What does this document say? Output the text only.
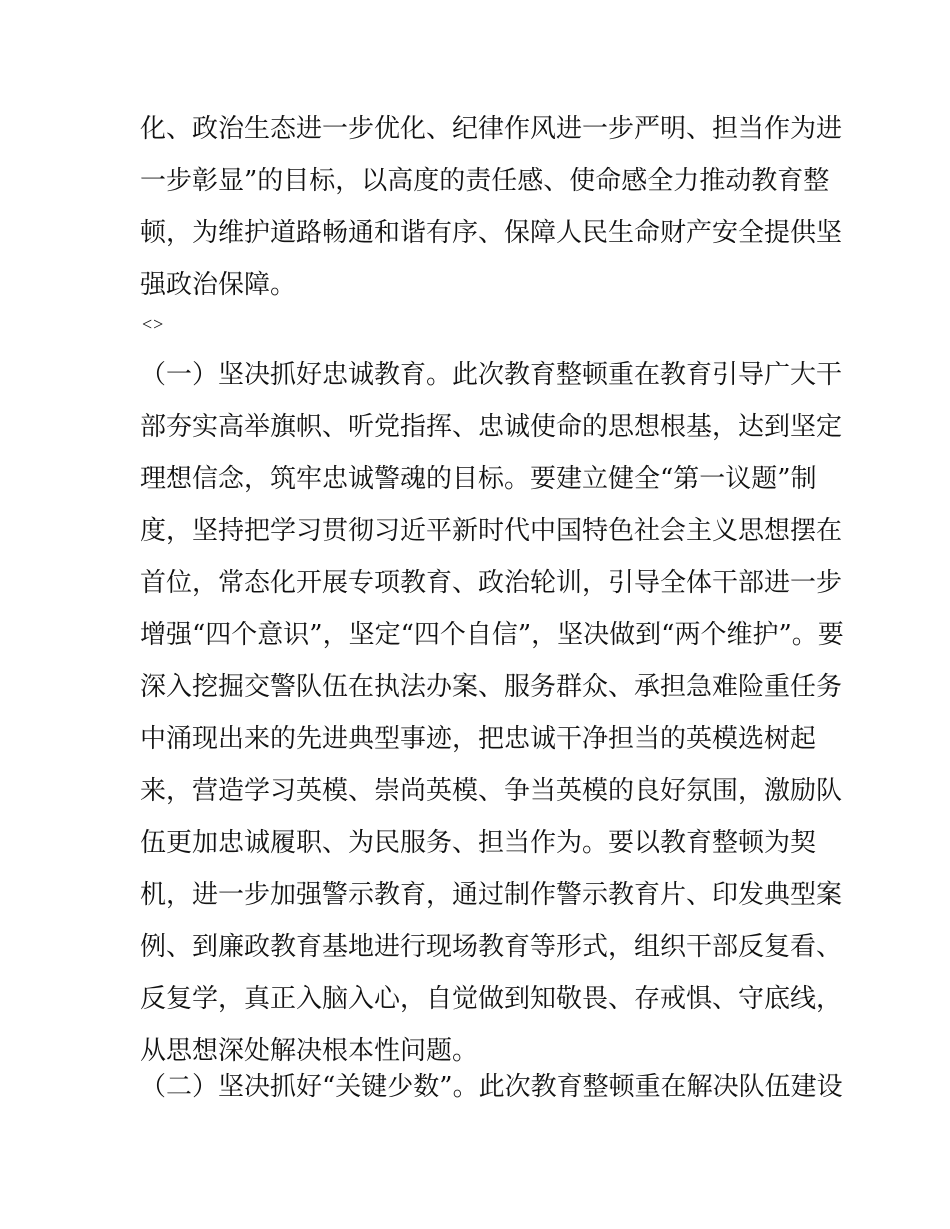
化、政治生态进一步优化、纪律作风进一步严明、担当作为进
一步彰显”的目标，以高度的责任感、使命感全力推动教育整
顿，为维护道路畅通和谐有序、保障人民生命财产安全提供坚
强政治保障。
<>
（一）坚决抓好忠诚教育。此次教育整顿重在教育引导广大干
部夯实高举旗帜、听党指挥、忠诚使命的思想根基，达到坚定
理想信念，筑牢忠诚警魂的目标。要建立健全“第一议题”制
度，坚持把学习贯彻习近平新时代中国特色社会主义思想摆在
首位，常态化开展专项教育、政治轮训，引导全体干部进一步
增强“四个意识”，坚定“四个自信”，坚决做到“两个维护”。要
深入挖掘交警队伍在执法办案、服务群众、承担急难险重任务
中涌现出来的先进典型事迹，把忠诚干净担当的英模选树起
来，营造学习英模、崇尚英模、争当英模的良好氛围，激励队
伍更加忠诚履职、为民服务、担当作为。要以教育整顿为契
机，进一步加强警示教育，通过制作警示教育片、印发典型案
例、到廉政教育基地进行现场教育等形式，组织干部反复看、
反复学，真正入脑入心，自觉做到知敬畏、存戒惧、守底线，
从思想深处解决根本性问题。
（二）坚决抓好“关键少数”。此次教育整顿重在解决队伍建设
